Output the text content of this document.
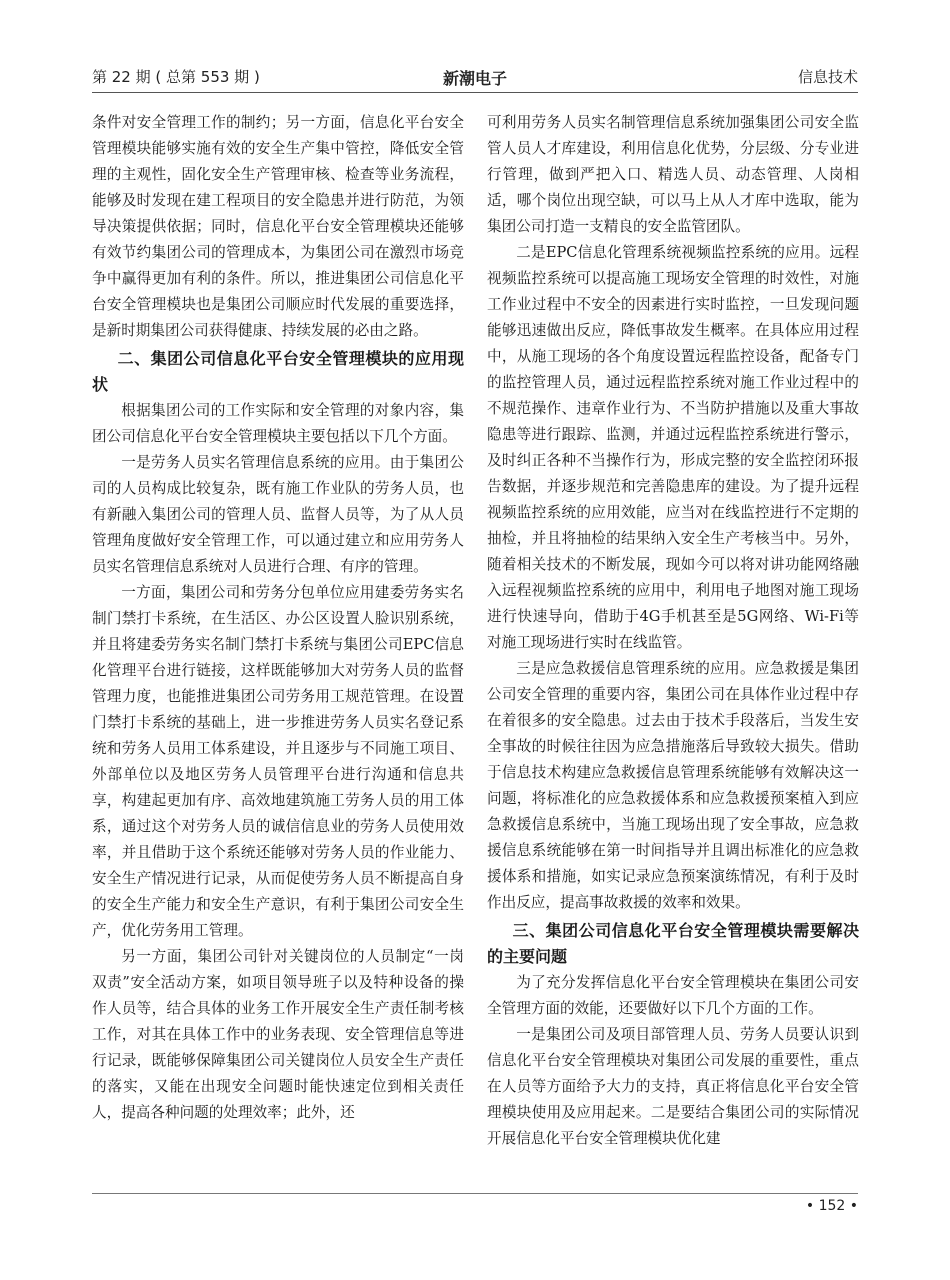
第 22 期 ( 总第 553 期 )	新潮电子	信息技术

条件对安全管理工作的制约；另一方面，信息化平台安全管理模块能够实施有效的安全生产集中管控，降低安全管理的主观性，固化安全生产管理审核、检查等业务流程，能够及时发现在建工程项目的安全隐患并进行防范，为领导决策提供依据；同时，信息化平台安全管理模块还能够有效节约集团公司的管理成本，为集团公司在激烈市场竞争中赢得更加有利的条件。所以，推进集团公司信息化平台安全管理模块也是集团公司顺应时代发展的重要选择，是新时期集团公司获得健康、持续发展的必由之路。

二、集团公司信息化平台安全管理模块的应用现状

根据集团公司的工作实际和安全管理的对象内容，集团公司信息化平台安全管理模块主要包括以下几个方面。

一是劳务人员实名管理信息系统的应用。由于集团公司的人员构成比较复杂，既有施工作业队的劳务人员，也有新融入集团公司的管理人员、监督人员等，为了从人员管理角度做好安全管理工作，可以通过建立和应用劳务人员实名管理信息系统对人员进行合理、有序的管理。

一方面，集团公司和劳务分包单位应用建委劳务实名制门禁打卡系统，在生活区、办公区设置人脸识别系统，并且将建委劳务实名制门禁打卡系统与集团公司EPC信息化管理平台进行链接，这样既能够加大对劳务人员的监督管理力度，也能推进集团公司劳务用工规范管理。在设置门禁打卡系统的基础上，进一步推进劳务人员实名登记系统和劳务人员用工体系建设，并且逐步与不同施工项目、外部单位以及地区劳务人员管理平台进行沟通和信息共享，构建起更加有序、高效地建筑施工劳务人员的用工体系，通过这个对劳务人员的诚信信息业的劳务人员使用效率，并且借助于这个系统还能够对劳务人员的作业能力、安全生产情况进行记录，从而促使劳务人员不断提高自身的安全生产能力和安全生产意识，有利于集团公司安全生产，优化劳务用工管理。

另一方面，集团公司针对关键岗位的人员制定“一岗双责”安全活动方案，如项目领导班子以及特种设备的操作人员等，结合具体的业务工作开展安全生产责任制考核工作，对其在具体工作中的业务表现、安全管理信息等进行记录，既能够保障集团公司关键岗位人员安全生产责任的落实，又能在出现安全问题时能快速定位到相关责任人，提高各种问题的处理效率；此外，还

可利用劳务人员实名制管理信息系统加强集团公司安全监管人员人才库建设，利用信息化优势，分层级、分专业进行管理，做到严把入口、精选人员、动态管理、人岗相适，哪个岗位出现空缺，可以马上从人才库中选取，能为集团公司打造一支精良的安全监管团队。

二是EPC信息化管理系统视频监控系统的应用。远程视频监控系统可以提高施工现场安全管理的时效性，对施工作业过程中不安全的因素进行实时监控，一旦发现问题能够迅速做出反应，降低事故发生概率。在具体应用过程中，从施工现场的各个角度设置远程监控设备，配备专门的监控管理人员，通过远程监控系统对施工作业过程中的不规范操作、违章作业行为、不当防护措施以及重大事故隐患等进行跟踪、监测，并通过远程监控系统进行警示，及时纠正各种不当操作行为，形成完整的安全监控闭环报告数据，并逐步规范和完善隐患库的建设。为了提升远程视频监控系统的应用效能，应当对在线监控进行不定期的抽检，并且将抽检的结果纳入安全生产考核当中。另外，随着相关技术的不断发展，现如今可以将对讲功能网络融入远程视频监控系统的应用中，利用电子地图对施工现场进行快速导向，借助于4G手机甚至是5G网络、Wi-Fi等对施工现场进行实时在线监管。

三是应急救援信息管理系统的应用。应急救援是集团公司安全管理的重要内容，集团公司在具体作业过程中存在着很多的安全隐患。过去由于技术手段落后，当发生安全事故的时候往往因为应急措施落后导致较大损失。借助于信息技术构建应急救援信息管理系统能够有效解决这一问题，将标准化的应急救援体系和应急救援预案植入到应急救援信息系统中，当施工现场出现了安全事故，应急救援信息系统能够在第一时间指导并且调出标准化的应急救援体系和措施，如实记录应急预案演练情况，有利于及时作出反应，提高事故救援的效率和效果。

三、集团公司信息化平台安全管理模块需要解决的主要问题

为了充分发挥信息化平台安全管理模块在集团公司安全管理方面的效能，还要做好以下几个方面的工作。

一是集团公司及项目部管理人员、劳务人员要认识到信息化平台安全管理模块对集团公司发展的重要性，重点在人员等方面给予大力的支持，真正将信息化平台安全管理模块使用及应用起来。二是要结合集团公司的实际情况开展信息化平台安全管理模块优化建

• 152 •
